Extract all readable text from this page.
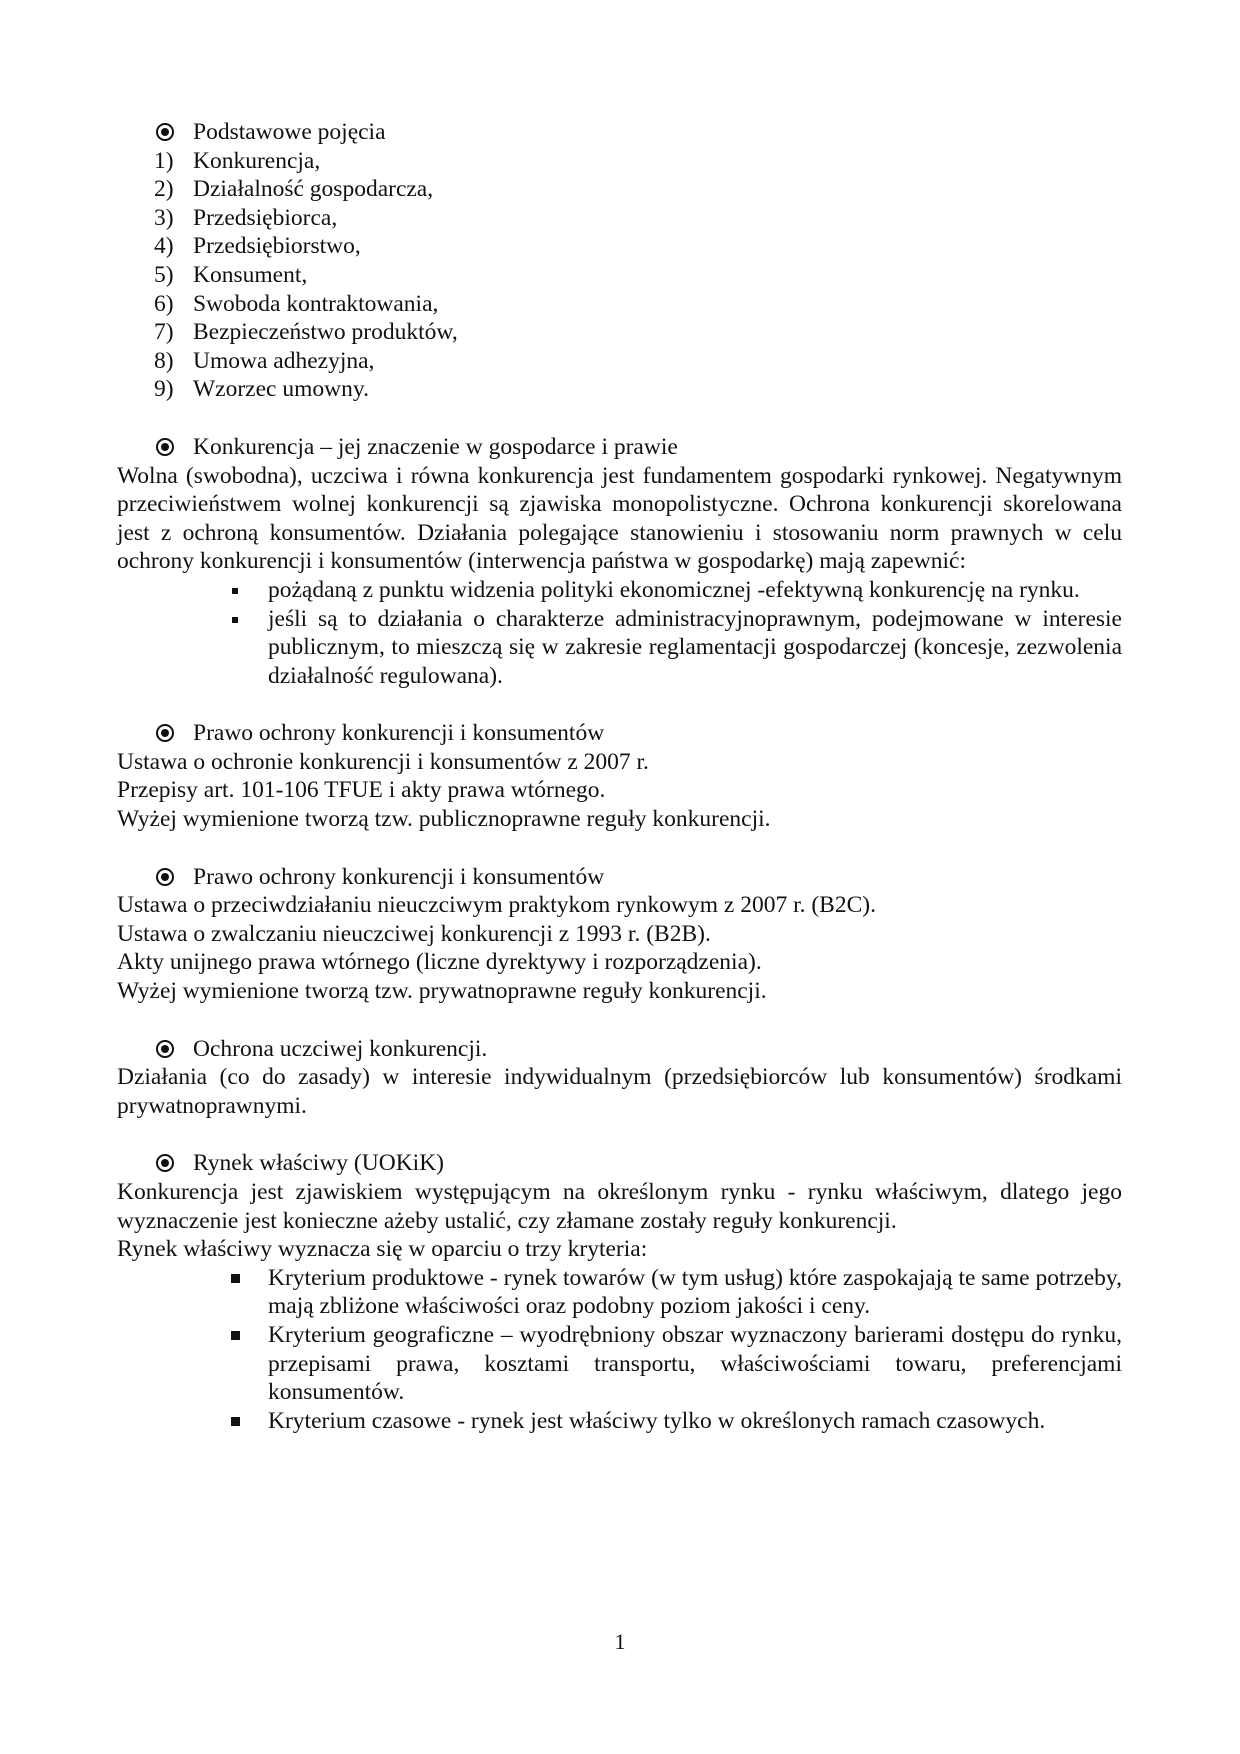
Podstawowe pojęcia
1) Konkurencja,
2) Działalność gospodarcza,
3) Przedsiębiorca,
4) Przedsiębiorstwo,
5) Konsument,
6) Swoboda kontraktowania,
7) Bezpieczeństwo produktów,
8) Umowa adhezyjna,
9) Wzorzec umowny.
Konkurencja – jej znaczenie w gospodarce i prawie
Wolna (swobodna), uczciwa i równa konkurencja jest fundamentem gospodarki rynkowej. Negatywnym przeciwieństwem wolnej konkurencji są zjawiska monopolistyczne. Ochrona konkurencji skorelowana jest z ochroną konsumentów. Działania polegające stanowieniu i stosowaniu norm prawnych w celu ochrony konkurencji i konsumentów (interwencja państwa w gospodarkę) mają zapewnić:
pożądaną z punktu widzenia polityki ekonomicznej -efektywną konkurencję na rynku.
jeśli są to działania o charakterze administracyjnoprawnym, podejmowane w interesie publicznym, to mieszczą się w zakresie reglamentacji gospodarczej (koncesje, zezwolenia działalność regulowana).
Prawo ochrony konkurencji i konsumentów
Ustawa o ochronie konkurencji i konsumentów z 2007 r.
Przepisy art. 101-106 TFUE i akty prawa wtórnego.
Wyżej wymienione tworzą tzw. publicznoprawne reguły konkurencji.
Prawo ochrony konkurencji i konsumentów
Ustawa o przeciwdziałaniu nieuczciwym praktykom rynkowym z 2007 r. (B2C).
Ustawa o zwalczaniu nieuczciwej konkurencji z 1993 r. (B2B).
Akty unijnego prawa wtórnego (liczne dyrektywy i rozporządzenia).
Wyżej wymienione tworzą tzw. prywatnoprawne reguły konkurencji.
Ochrona uczciwej konkurencji.
Działania (co do zasady) w interesie indywidualnym (przedsiębiorców lub konsumentów) środkami prywatnoprawnymi.
Rynek właściwy (UOKiK)
Konkurencja jest zjawiskiem występującym na określonym rynku - rynku właściwym, dlatego jego wyznaczenie jest konieczne ażeby ustalić, czy złamane zostały reguły konkurencji.
Rynek właściwy wyznacza się w oparciu o trzy kryteria:
Kryterium produktowe - rynek towarów (w tym usług) które zaspokajają te same potrzeby, mają zbliżone właściwości oraz podobny poziom jakości i ceny.
Kryterium geograficzne – wyodrębniony obszar wyznaczony barierami dostępu do rynku, przepisami prawa, kosztami transportu, właściwościami towaru, preferencjami konsumentów.
Kryterium czasowe - rynek jest właściwy tylko w określonych ramach czasowych.
1
